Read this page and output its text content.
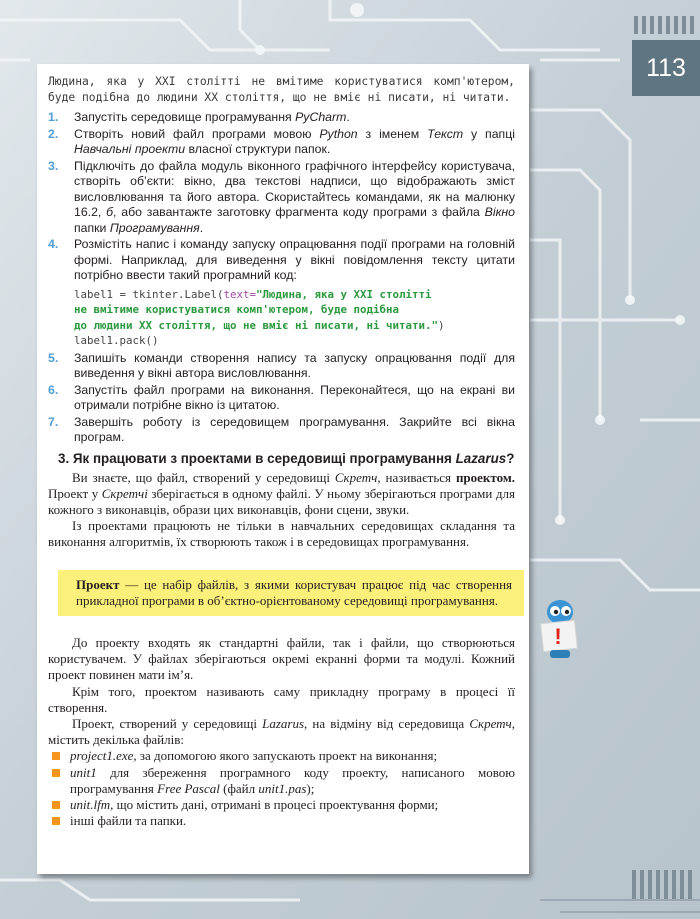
113

Людина, яка у XXI столітті не вмітиме користуватися комп'ютером, буде подібна до людини XX століття, що не вміє ні писати, ні читати.

1. Запустіть середовище програмування PyCharm.
2. Створіть новий файл програми мовою Python з іменем Текст у папці Навчальні проекти власної структури папок.
3. Підключіть до файла модуль віконного графічного інтерфейсу користувача, створіть об’єкти: вікно, два текстові надписи, що відображають зміст висловлювання та його автора. Скористайтесь командами, як на малюнку 16.2, б, або завантажте заготовку фрагмента коду програми з файла Вікно папки Програмування.
4. Розмістіть напис і команду запуску опрацювання події програми на головній формі. Наприклад, для виведення у вікні повідомлення тексту цитати потрібно ввести такий програмний код:
label1 = tkinter.Label(text="Людина, яка у XXI столітті
не вмітиме користуватися комп'ютером, буде подібна
до людини XX століття, що не вміє ні писати, ні читати.")
label1.pack()
5. Запишіть команди створення напису та запуску опрацювання події для виведення у вікні автора висловлювання.
6. Запустіть файл програми на виконання. Переконайтеся, що на екрані ви отримали потрібне вікно із цитатою.
7. Завершіть роботу із середовищем програмування. Закрийте всі вікна програм.
3. Як працювати з проектами в середовищі програмування Lazarus?

Ви знаєте, що файл, створений у середовищі Скретч, називається проектом. Проект у Скретчі зберігається в одному файлі. У ньому зберігаються програми для кожного з виконавців, образи цих виконавців, фони сцени, звуки.

Із проектами працюють не тільки в навчальних середовищах складання та виконання алгоритмів, їх створюють також і в середовищах програмування.

Проект — це набір файлів, з якими користувач працює під час створення прикладної програми в об’єктно-орієнтованому середовищі програмування.

До проекту входять як стандартні файли, так і файли, що створюються користувачем. У файлах зберігаються окремі екранні форми та модулі. Кожний проект повинен мати ім’я.

Крім того, проектом називають саму прикладну програму в процесі її створення.

Проект, створений у середовищі Lazarus, на відміну від середовища Скретч, містить декілька файлів:

project1.exe, за допомогою якого запускають проект на виконання;
unit1 для збереження програмного коду проекту, написаного мовою програмування Free Pascal (файл unit1.pas);
unit.lfm, що містить дані, отримані в процесі проектування форми;
інші файли та папки.
!
